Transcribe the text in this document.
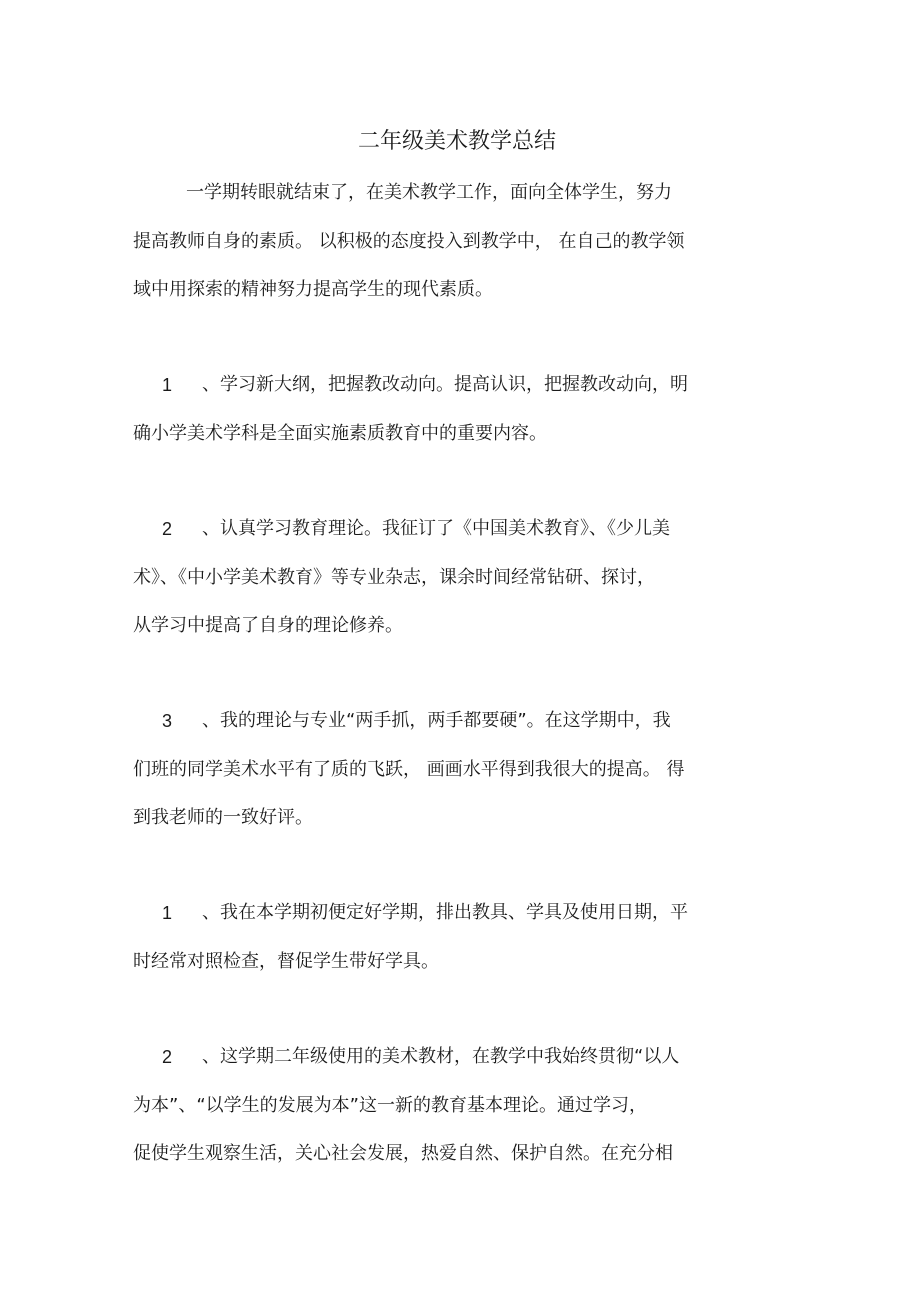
二年级美术教学总结
一学期转眼就结束了，在美术教学工作，面向全体学生，努力
提高教师自身的素质。 以积极的态度投入到教学中， 在自己的教学领
域中用探索的精神努力提高学生的现代素质。
1 、学习新大纲，把握教改动向。提高认识，把握教改动向，明
确小学美术学科是全面实施素质教育中的重要内容。
2 、认真学习教育理论。我征订了《中国美术教育》、《少儿美
术》、《中小学美术教育》等专业杂志，课余时间经常钻研、探讨，
从学习中提高了自身的理论修养。
3 、我的理论与专业“两手抓，两手都要硬”。在这学期中，我
们班的同学美术水平有了质的飞跃， 画画水平得到我很大的提高。 得
到我老师的一致好评。
1 、我在本学期初便定好学期，排出教具、学具及使用日期，平
时经常对照检查，督促学生带好学具。
2 、这学期二年级使用的美术教材，在教学中我始终贯彻“以人
为本”、“以学生的发展为本”这一新的教育基本理论。通过学习，
促使学生观察生活，关心社会发展，热爱自然、保护自然。在充分相
